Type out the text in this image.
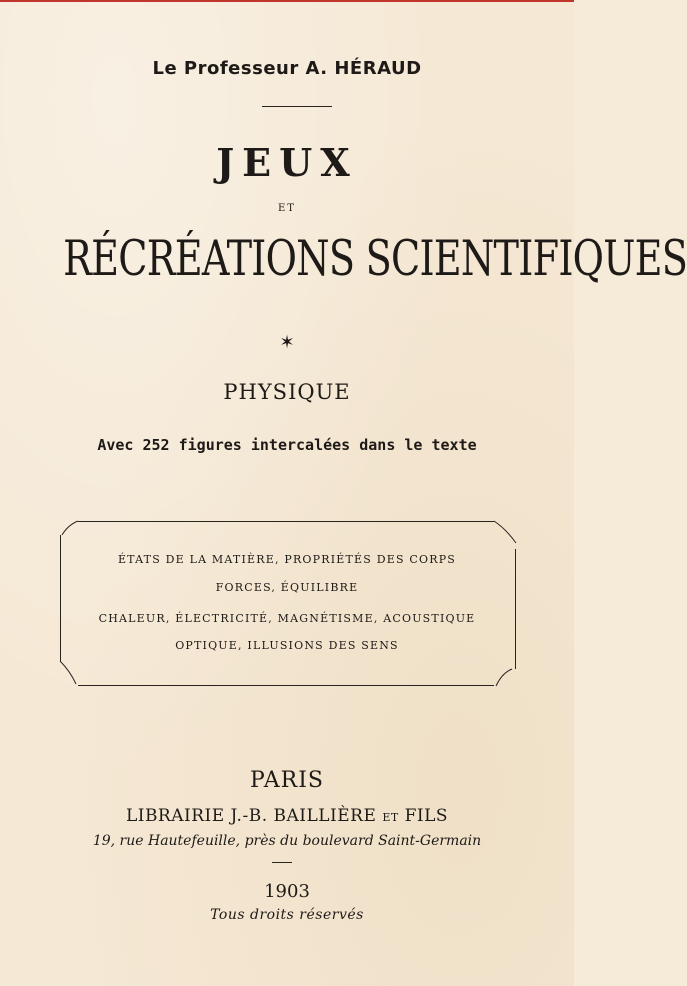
Le Professeur A. HÉRAUD
JEUX
ET
RÉCRÉATIONS SCIENTIFIQUES
✶
PHYSIQUE
Avec 252 figures intercalées dans le texte
ÉTATS DE LA MATIÈRE, PROPRIÉTÉS DES CORPS
FORCES, ÉQUILIBRE
CHALEUR, ÉLECTRICITÉ, MAGNÉTISME, ACOUSTIQUE
OPTIQUE, ILLUSIONS DES SENS
PARIS
LIBRAIRIE J.-B. BAILLIÈRE ET FILS
19, rue Hautefeuille, près du boulevard Saint-Germain
1903
Tous droits réservés
